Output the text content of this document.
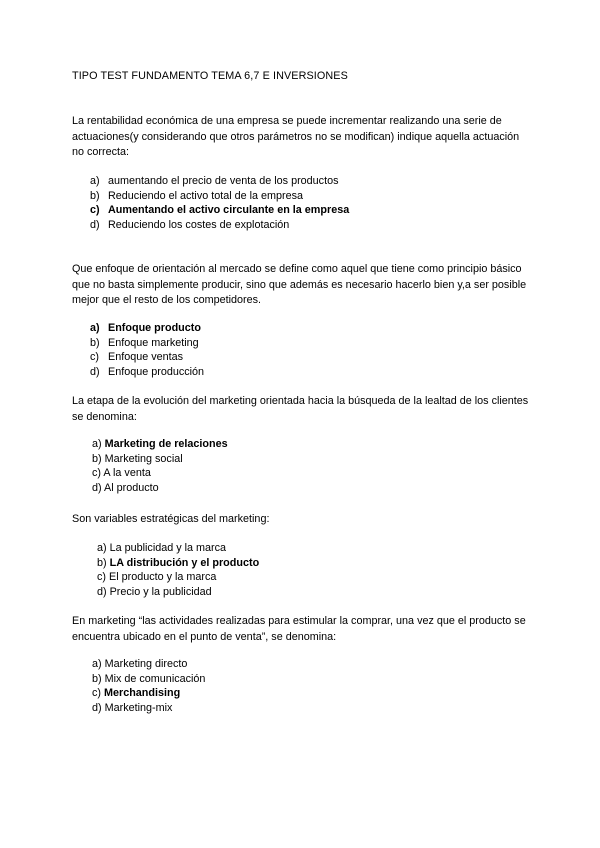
TIPO TEST FUNDAMENTO TEMA 6,7 E INVERSIONES
La rentabilidad económica de una empresa se puede incrementar realizando una serie de actuaciones(y considerando que otros parámetros no se modifican) indique aquella actuación no correcta:
a) aumentando el precio de venta de los productos
b) Reduciendo el activo total de la empresa
c) Aumentando el activo circulante en la empresa
d) Reduciendo los costes de explotación
Que enfoque de orientación al mercado se define como aquel que tiene como principio básico que no basta simplemente producir, sino que además es necesario hacerlo bien y,a ser posible mejor que el resto de los competidores.
a) Enfoque producto
b) Enfoque marketing
c) Enfoque ventas
d) Enfoque producción
La etapa de la evolución del marketing orientada hacia la búsqueda de la lealtad de los clientes se denomina:
a) Marketing de relaciones
b) Marketing social
c) A la venta
d) Al producto
Son variables estratégicas del marketing:
a) La publicidad y la marca
b) LA distribución y el producto
c) El producto y la marca
d) Precio y la publicidad
En marketing “las actividades realizadas para estimular la comprar, una vez que el producto se encuentra ubicado en el punto de venta”, se denomina:
a) Marketing directo
b) Mix de comunicación
c) Merchandising
d) Marketing-mix
